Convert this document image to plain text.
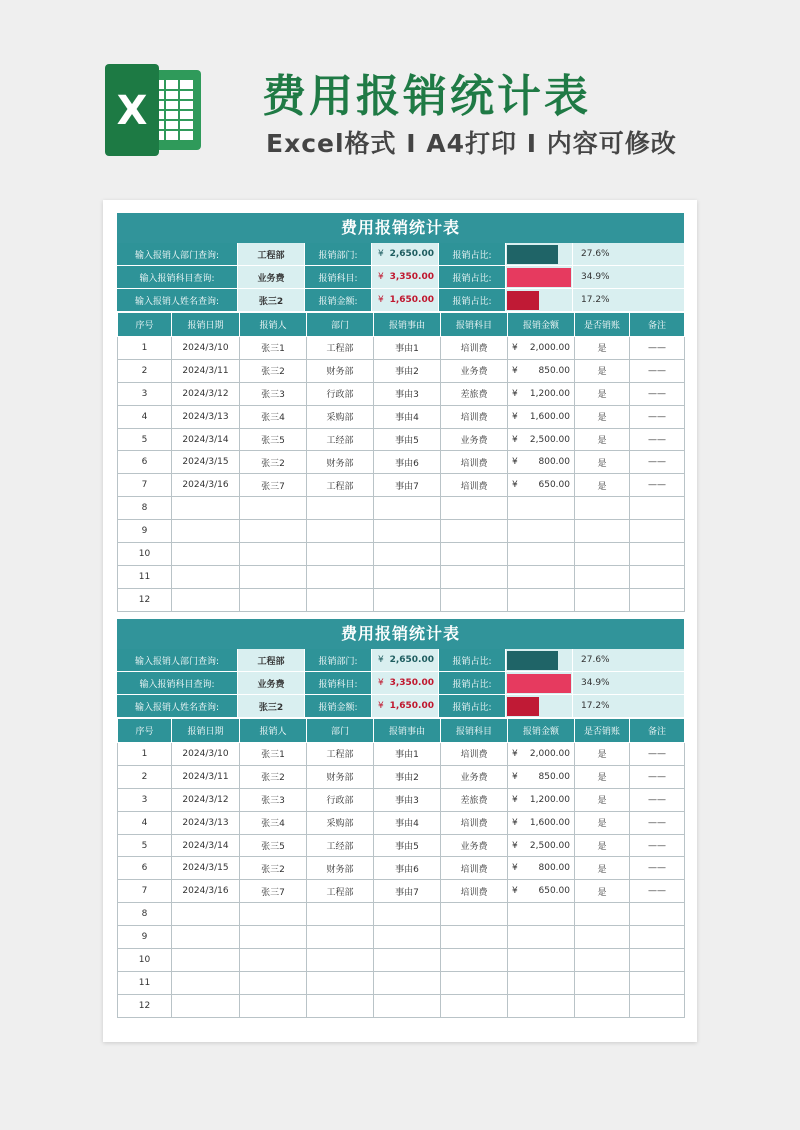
X	费用报销统计表
Excel格式 I A4打印 I 内容可修改
费用报销统计表
输入报销人部门查询:	工程部	报销部门:	¥ 2,650.00	报销占比:	27.6%
输入报销科目查询:	业务费	报销科目:	¥ 3,350.00	报销占比:	34.9%
输入报销人姓名查询:	张三2	报销金额:	¥ 1,650.00	报销占比:	17.2%
序号	报销日期	报销人	部门	报销事由	报销科目	报销金额	是否销账	备注
1	2024/3/10	张三1	工程部	事由1	培训费	¥ 2,000.00	是	——
2	2024/3/11	张三2	财务部	事由2	业务费	¥ 850.00	是	——
3	2024/3/12	张三3	行政部	事由3	差旅费	¥ 1,200.00	是	——
4	2024/3/13	张三4	采购部	事由4	培训费	¥ 1,600.00	是	——
5	2024/3/14	张三5	工经部	事由5	业务费	¥ 2,500.00	是	——
6	2024/3/15	张三2	财务部	事由6	培训费	¥ 800.00	是	——
7	2024/3/16	张三7	工程部	事由7	培训费	¥ 650.00	是	——
8						

9						

10						

11						

12						

费用报销统计表
输入报销人部门查询:	工程部	报销部门:	¥ 2,650.00	报销占比:	27.6%
输入报销科目查询:	业务费	报销科目:	¥ 3,350.00	报销占比:	34.9%
输入报销人姓名查询:	张三2	报销金额:	¥ 1,650.00	报销占比:	17.2%
序号	报销日期	报销人	部门	报销事由	报销科目	报销金额	是否销账	备注
1	2024/3/10	张三1	工程部	事由1	培训费	¥ 2,000.00	是	——
2	2024/3/11	张三2	财务部	事由2	业务费	¥ 850.00	是	——
3	2024/3/12	张三3	行政部	事由3	差旅费	¥ 1,200.00	是	——
4	2024/3/13	张三4	采购部	事由4	培训费	¥ 1,600.00	是	——
5	2024/3/14	张三5	工经部	事由5	业务费	¥ 2,500.00	是	——
6	2024/3/15	张三2	财务部	事由6	培训费	¥ 800.00	是	——
7	2024/3/16	张三7	工程部	事由7	培训费	¥ 650.00	是	——
8						

9						

10						

11						

12						
